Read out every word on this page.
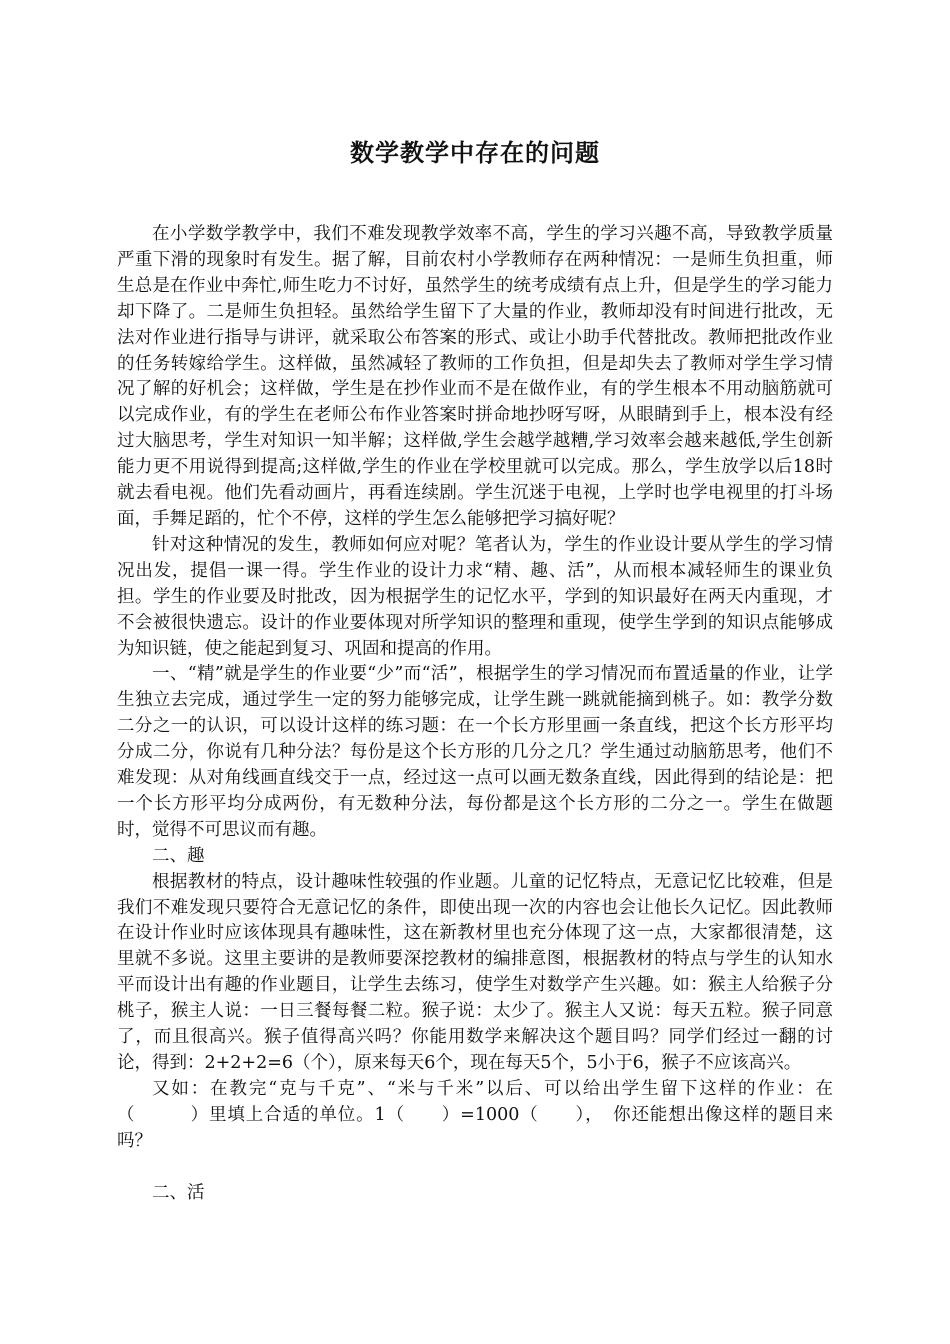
数学教学中存在的问题

在小学数学教学中，我们不难发现教学效率不高，学生的学习兴趣不高，导致教学质量严重下滑的现象时有发生。据了解，目前农村小学教师存在两种情况：一是师生负担重，师生总是在作业中奔忙,师生吃力不讨好，虽然学生的统考成绩有点上升，但是学生的学习能力却下降了。二是师生负担轻。虽然给学生留下了大量的作业，教师却没有时间进行批改，无法对作业进行指导与讲评，就采取公布答案的形式、或让小助手代替批改。教师把批改作业的任务转嫁给学生。这样做，虽然减轻了教师的工作负担，但是却失去了教师对学生学习情况了解的好机会；这样做，学生是在抄作业而不是在做作业，有的学生根本不用动脑筋就可以完成作业，有的学生在老师公布作业答案时拼命地抄呀写呀，从眼睛到手上，根本没有经过大脑思考，学生对知识一知半解；这样做,学生会越学越糟,学习效率会越来越低,学生创新能力更不用说得到提高;这样做,学生的作业在学校里就可以完成。那么，学生放学以后18时就去看电视。他们先看动画片，再看连续剧。学生沉迷于电视，上学时也学电视里的打斗场面，手舞足蹈的，忙个不停，这样的学生怎么能够把学习搞好呢？

针对这种情况的发生，教师如何应对呢？笔者认为，学生的作业设计要从学生的学习情况出发，提倡一课一得。学生作业的设计力求“精、趣、活”，从而根本减轻师生的课业负担。学生的作业要及时批改，因为根据学生的记忆水平，学到的知识最好在两天内重现，才不会被很快遗忘。设计的作业要体现对所学知识的整理和重现，使学生学到的知识点能够成为知识链，使之能起到复习、巩固和提高的作用。

一、“精”就是学生的作业要“少”而“活”，根据学生的学习情况而布置适量的作业，让学生独立去完成，通过学生一定的努力能够完成，让学生跳一跳就能摘到桃子。如：教学分数二分之一的认识，可以设计这样的练习题：在一个长方形里画一条直线，把这个长方形平均分成二分，你说有几种分法？每份是这个长方形的几分之几？学生通过动脑筋思考，他们不难发现：从对角线画直线交于一点，经过这一点可以画无数条直线，因此得到的结论是：把一个长方形平均分成两份，有无数种分法，每份都是这个长方形的二分之一。学生在做题时，觉得不可思议而有趣。

二、趣

根据教材的特点，设计趣味性较强的作业题。儿童的记忆特点，无意记忆比较难，但是我们不难发现只要符合无意记忆的条件，即使出现一次的内容也会让他长久记忆。因此教师在设计作业时应该体现具有趣味性，这在新教材里也充分体现了这一点，大家都很清楚，这里就不多说。这里主要讲的是教师要深挖教材的编排意图，根据教材的特点与学生的认知水平而设计出有趣的作业题目，让学生去练习，使学生对数学产生兴趣。如：猴主人给猴子分桃子，猴主人说：一日三餐每餐二粒。猴子说：太少了。猴主人又说：每天五粒。猴子同意了，而且很高兴。猴子值得高兴吗？你能用数学来解决这个题目吗？同学们经过一翻的讨论，得到：2+2+2=6（个），原来每天6个，现在每天5个，5小于6，猴子不应该高兴。

又如：在教完“克与千克”、“米与千米”以后、可以给出学生留下这样的作业：在（　　　）里填上合适的单位。1（　　）=1000（　　），　你还能想出像这样的题目来吗？

二、活
